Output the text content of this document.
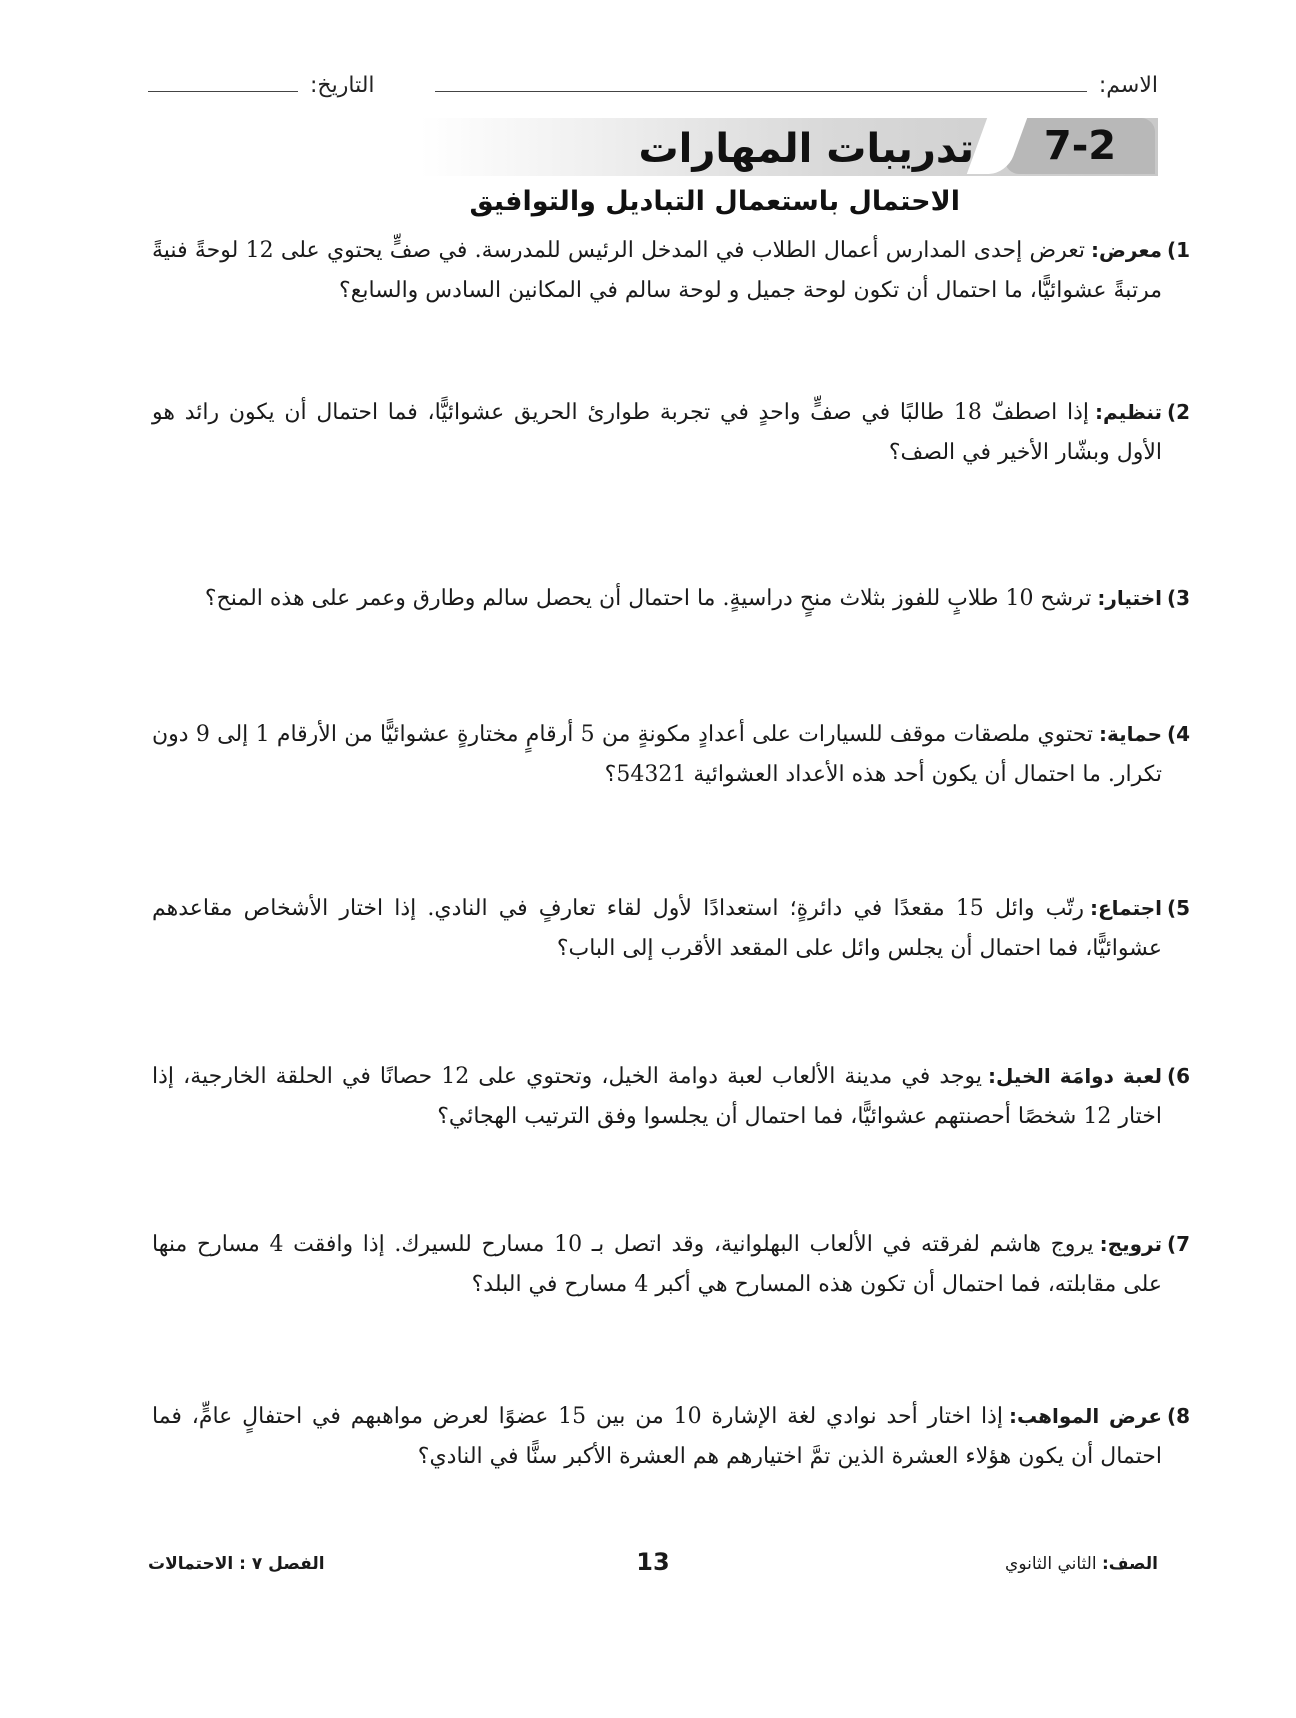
الاسم:
التاريخ:
7-2
تدريبات المهارات
الاحتمال باستعمال التباديل والتوافيق
1)
معرض:تعرض إحدى المدارس أعمال الطلاب في المدخل الرئيس للمدرسة. في صفٍّ يحتوي على 12 لوحةً فنيةً مرتبةً عشوائيًّا، ما احتمال أن تكون لوحة جميل و لوحة سالم في المكانين السادس والسابع؟
2)
تنظيم:إذا اصطفّ 18 طالبًا في صفٍّ واحدٍ في تجربة طوارئ الحريق عشوائيًّا، فما احتمال أن يكون رائد هو الأول وبشّار الأخير في الصف؟
3)
اختيار:ترشح 10 طلابٍ للفوز بثلاث منحٍ دراسيةٍ. ما احتمال أن يحصل سالم وطارق وعمر على هذه المنح؟
4)
حماية:تحتوي ملصقات موقف للسيارات على أعدادٍ مكونةٍ من 5 أرقامٍ مختارةٍ عشوائيًّا من الأرقام 1 إلى 9 دون تكرار. ما احتمال أن يكون أحد هذه الأعداد العشوائية 54321؟
5)
اجتماع:رتّب وائل 15 مقعدًا في دائرةٍ؛ استعدادًا لأول لقاء تعارفٍ في النادي. إذا اختار الأشخاص مقاعدهم عشوائيًّا، فما احتمال أن يجلس وائل على المقعد الأقرب إلى الباب؟
6)
لعبة دوامَة الخيل:يوجد في مدينة الألعاب لعبة دوامة الخيل، وتحتوي على 12 حصانًا في الحلقة الخارجية، إذا اختار 12 شخصًا أحصنتهم عشوائيًّا، فما احتمال أن يجلسوا وفق الترتيب الهجائي؟
7)
ترويج:يروج هاشم لفرقته في الألعاب البهلوانية، وقد اتصل بـ 10 مسارح للسيرك. إذا وافقت 4 مسارح منها على مقابلته، فما احتمال أن تكون هذه المسارح هي أكبر 4 مسارح في البلد؟
8)
عرض المواهب:إذا اختار أحد نوادي لغة الإشارة 10 من بين 15 عضوًا لعرض مواهبهم في احتفالٍ عامٍّ، فما احتمال أن يكون هؤلاء العشرة الذين تمَّ اختيارهم هم العشرة الأكبر سنًّا في النادي؟
الصف: الثاني الثانوي
13
الفصل ٧ : الاحتمالات
